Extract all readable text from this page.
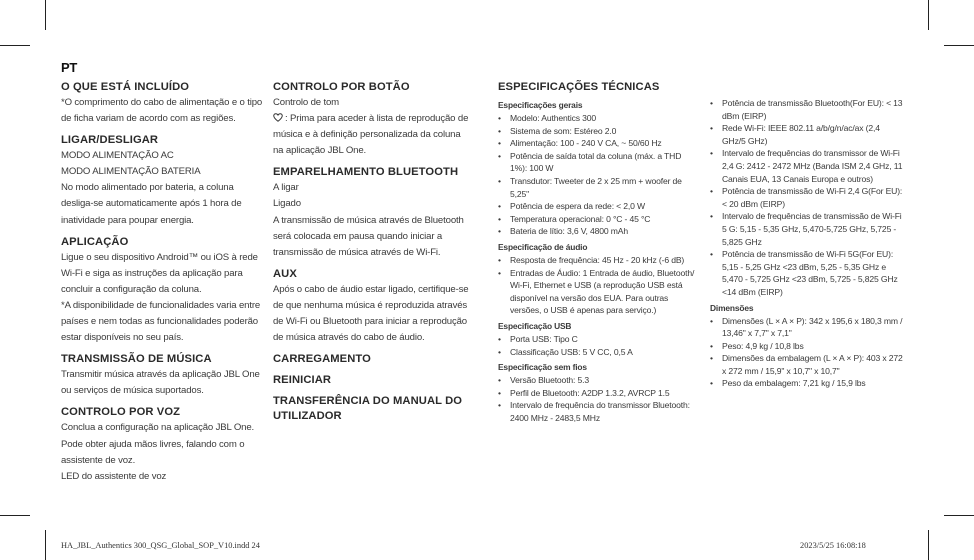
PT
O QUE ESTÁ INCLUÍDO

*O comprimento do cabo de alimentação e o tipo de ficha variam de acordo com as regiões.

LIGAR/DESLIGAR

MODO ALIMENTAÇÃO AC

MODO ALIMENTAÇÃO BATERIA

No modo alimentado por bateria, a coluna desliga-se automaticamente após 1 hora de inatividade para poupar energia.

APLICAÇÃO

Ligue o seu dispositivo Android™ ou iOS à rede Wi-Fi e siga as instruções da aplicação para concluir a configuração da coluna.

*A disponibilidade de funcionalidades varia entre países e nem todas as funcionalidades poderão estar disponíveis no seu país.

TRANSMISSÃO DE MÚSICA

Transmitir música através da aplicação JBL One ou serviços de música suportados.

CONTROLO POR VOZ

Conclua a configuração na aplicação JBL One.

Pode obter ajuda mãos livres, falando com o assistente de voz.

LED do assistente de voz

CONTROLO POR BOTÃO

Controlo de tom

: Prima para aceder à lista de reprodução de música e à definição personalizada da coluna na aplicação JBL One.

EMPARELHAMENTO BLUETOOTH

A ligar

Ligado

A transmissão de música através de Bluetooth será colocada em pausa quando iniciar a transmissão de música através de Wi-Fi.

AUX

Após o cabo de áudio estar ligado, certifique-se de que nenhuma música é reproduzida através de Wi-Fi ou Bluetooth para iniciar a reprodução de música através do cabo de áudio.

CARREGAMENTO
REINICIAR
TRANSFERÊNCIA DO MANUAL DO UTILIZADOR
ESPECIFICAÇÕES TÉCNICAS

Especificações gerais

• Modelo: Authentics 300
• Sistema de som: Estéreo 2.0
• Alimentação: 100 - 240 V CA, ~ 50/60 Hz
• Potência de saída total da coluna (máx. a THD 1%): 100 W
• Transdutor: Tweeter de 2 x 25 mm + woofer de 5,25"
• Potência de espera da rede: < 2,0 W
• Temperatura operacional: 0 °C - 45 °C
• Bateria de lítio: 3,6 V, 4800 mAh

Especificação de áudio

• Resposta de frequência: 45 Hz - 20 kHz (-6 dB)
• Entradas de Áudio: 1 Entrada de áudio, Bluetooth/ Wi-Fi, Ethernet e USB (a reprodução USB está disponível na versão dos EUA. Para outras versões, o USB é apenas para serviço.)

Especificação USB

• Porta USB: Tipo C
• Classificação USB: 5 V CC, 0,5 A

Especificação sem fios

• Versão Bluetooth: 5.3
• Perfil de Bluetooth: A2DP 1.3.2, AVRCP 1.5
• Intervalo de frequência do transmissor Bluetooth: 2400 MHz - 2483,5 MHz
• Potência de transmissão Bluetooth(For EU): < 13 dBm (EIRP)
• Rede Wi-Fi: IEEE 802.11 a/b/g/n/ac/ax (2,4 GHz/5 GHz)
• Intervalo de frequências do transmissor de Wi-Fi 2,4 G: 2412 - 2472 MHz (Banda ISM 2,4 GHz, 11 Canais EUA, 13 Canais Europa e outros)
• Potência de transmissão de Wi-Fi 2,4 G(For EU): < 20 dBm (EIRP)
• Intervalo de frequências de transmissão de Wi-Fi 5 G: 5,15 - 5,35 GHz, 5,470-5,725 GHz, 5,725 - 5,825 GHz
• Potência de transmissão de Wi-Fi 5G(For EU): 5,15 - 5,25 GHz <23 dBm, 5,25 - 5,35 GHz e 5,470 - 5,725 GHz <23 dBm, 5,725 - 5,825 GHz <14 dBm (EIRP)

Dimensões

• Dimensões (L × A × P): 342 x 195,6 x 180,3 mm / 13,46" x 7,7" x 7,1"
• Peso: 4,9 kg / 10,8 lbs
• Dimensões da embalagem (L × A × P): 403 x 272 x 272 mm / 15,9" x 10,7" x 10,7"
• Peso da embalagem: 7,21 kg / 15,9 lbs
HA_JBL_Authentics 300_QSG_Global_SOP_V10.indd 24	2023/5/25 16:08:18
